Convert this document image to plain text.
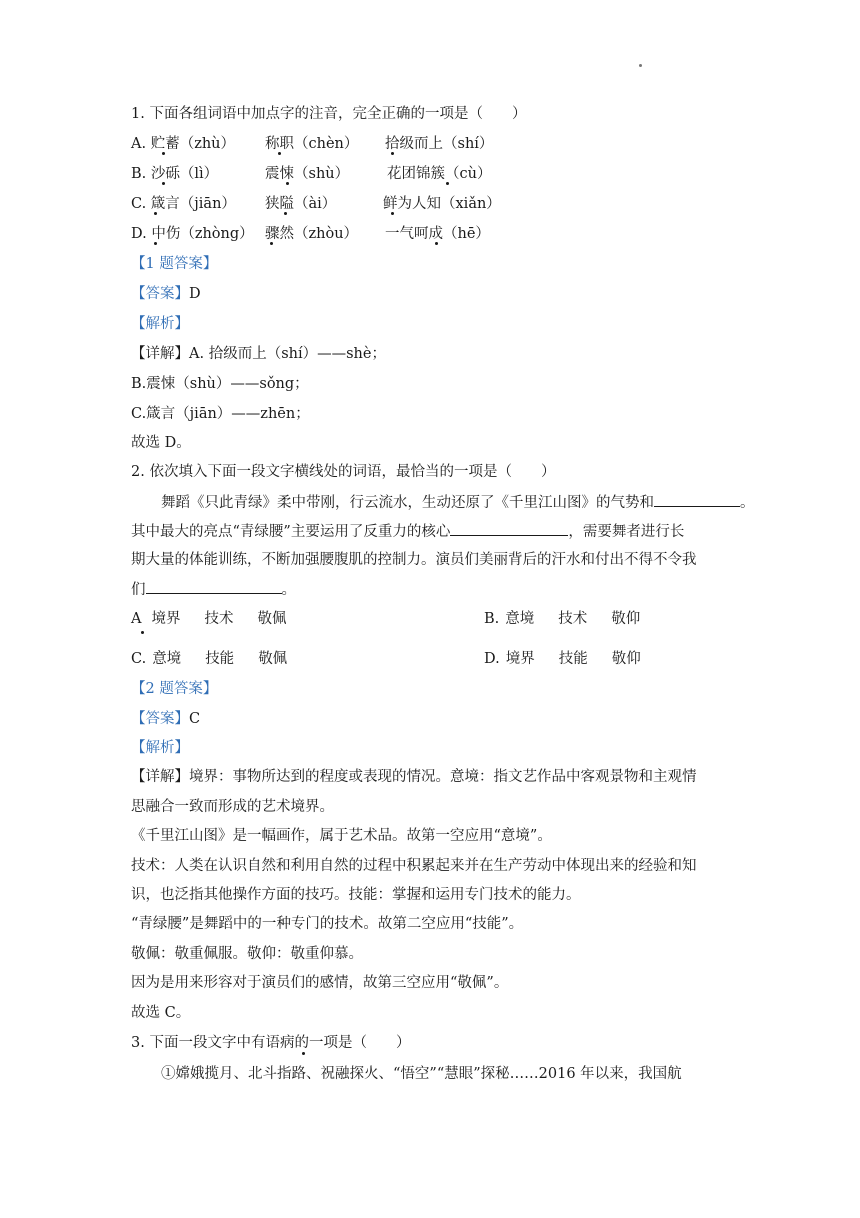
1. 下面各组词语中加点字的注音，完全正确的一项是（　　）
A. 贮蓄（zhù） 称职（chèn） 拾级而上（shí）
B. 沙砾（lì）	震悚（shù）	花团锦簇（cù）
C. 箴言（jiān） 狭隘（ài）	鲜为人知（xiǎn）
D. 中伤（zhòng） 骤然（zhòu） 一气呵成（hē）
【1 题答案】
【答案】D
【解析】
【详解】A. 拾级而上（shí）——shè；
B.震悚（shù）——sǒng；
C.箴言（jiān）——zhēn；
故选 D。
2. 依次填入下面一段文字横线处的词语，最恰当的一项是（　　）
舞蹈《只此青绿》柔中带刚，行云流水，生动还原了《千里江山图》的气势和	。
其中最大的亮点“青绿腰”主要运用了反重力的核心	，需要舞者进行长
期大量的体能训练，不断加强腰腹肌的控制力。演员们美丽背后的汗水和付出不得不令我
们	。
A 境界 技术 敬佩	B. 意境 技术 敬仰
C. 意境 技能 敬佩	D. 境界 技能 敬仰
【2 题答案】
【答案】C
【解析】
【详解】境界：事物所达到的程度或表现的情况。意境：指文艺作品中客观景物和主观情
思融合一致而形成的艺术境界。
《千里江山图》是一幅画作，属于艺术品。故第一空应用“意境”。
技术：人类在认识自然和利用自然的过程中积累起来并在生产劳动中体现出来的经验和知
识，也泛指其他操作方面的技巧。技能：掌握和运用专门技术的能力。
“青绿腰”是舞蹈中的一种专门的技术。故第二空应用“技能”。
敬佩：敬重佩服。敬仰：敬重仰慕。
因为是用来形容对于演员们的感情，故第三空应用“敬佩”。
故选 C。
3. 下面一段文字中有语病的一项是（　　）
①嫦娥揽月、北斗指路、祝融探火、“悟空”“慧眼”探秘……2016 年以来，我国航
